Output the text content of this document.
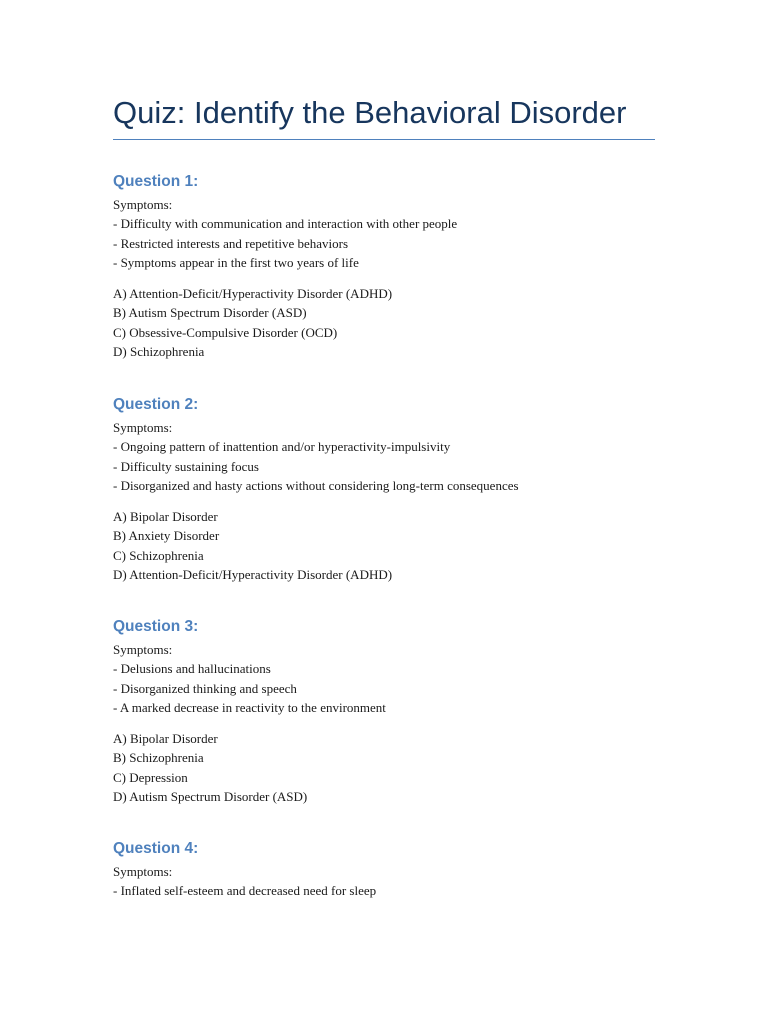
Quiz: Identify the Behavioral Disorder
Question 1:
Symptoms:
- Difficulty with communication and interaction with other people
- Restricted interests and repetitive behaviors
- Symptoms appear in the first two years of life
A) Attention-Deficit/Hyperactivity Disorder (ADHD)
B) Autism Spectrum Disorder (ASD)
C) Obsessive-Compulsive Disorder (OCD)
D) Schizophrenia
Question 2:
Symptoms:
- Ongoing pattern of inattention and/or hyperactivity-impulsivity
- Difficulty sustaining focus
- Disorganized and hasty actions without considering long-term consequences
A) Bipolar Disorder
B) Anxiety Disorder
C) Schizophrenia
D) Attention-Deficit/Hyperactivity Disorder (ADHD)
Question 3:
Symptoms:
- Delusions and hallucinations
- Disorganized thinking and speech
- A marked decrease in reactivity to the environment
A) Bipolar Disorder
B) Schizophrenia
C) Depression
D) Autism Spectrum Disorder (ASD)
Question 4:
Symptoms:
- Inflated self-esteem and decreased need for sleep
